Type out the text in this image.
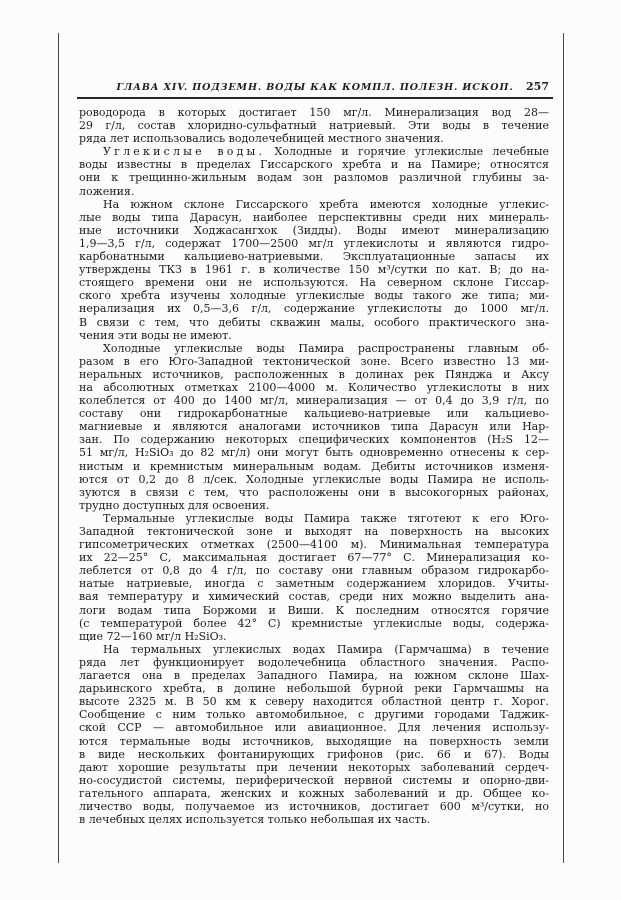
ГЛАВА XIV. ПОДЗЕМН. ВОДЫ КАК КОМПЛ. ПОЛЕЗН. ИСКОП. 257
роводорода в которых достигает 150 мг/л. Минерализация вод 28—
29 г/л, состав хлоридно-сульфатный натриевый. Эти воды в течение
ряда лет использовались водолечебницей местного значения.
Углекислые воды. Холодные и горячие углекислые лечебные
воды известны в пределах Гиссарского хребта и на Памире; относятся
они к трещинно-жильным водам зон разломов различной глубины за-
ложения.
На южном склоне Гиссарского хребта имеются холодные углекис-
лые воды типа Дарасун, наиболее перспективны среди них минераль-
ные источники Ходжасангхок (Зидды). Воды имеют минерализацию
1,9—3,5 г/л, содержат 1700—2500 мг/л углекислоты и являются гидро-
карбонатными кальциево-натриевыми. Эксплуатационные запасы их
утверждены ТКЗ в 1961 г. в количестве 150 м³/сутки по кат. В; до на-
стоящего времени они не используются. На северном склоне Гиссар-
ского хребта изучены холодные углекислые воды такого же типа; ми-
нерализация их 0,5—3,6 г/л, содержание углекислоты до 1000 мг/л.
В связи с тем, что дебиты скважин малы, особого практического зна-
чения эти воды не имеют.
Холодные углекислые воды Памира распространены главным об-
разом в его Юго-Западной тектонической зоне. Всего известно 13 ми-
неральных источников, расположенных в долинах рек Пянджа и Аксу
на абсолютных отметках 2100—4000 м. Количество углекислоты в них
колеблется от 400 до 1400 мг/л, минерализация — от 0,4 до 3,9 г/л, по
составу они гидрокарбонатные кальциево-натриевые или кальциево-
магниевые и являются аналогами источников типа Дарасун или Нар-
зан. По содержанию некоторых специфических компонентов (H₂S 12—
51 мг/л, H₂SiO₃ до 82 мг/л) они могут быть одновременно отнесены к сер-
нистым и кремнистым минеральным водам. Дебиты источников изменя-
ются от 0,2 до 8 л/сек. Холодные углекислые воды Памира не исполь-
зуются в связи с тем, что расположены они в высокогорных районах,
трудно доступных для освоения.
Термальные углекислые воды Памира также тяготеют к его Юго-
Западной тектонической зоне и выходят на поверхность на высоких
гипсометрических отметках (2500—4100 м). Минимальная температура
их 22—25° С, максимальная достигает 67—77° С. Минерализация ко-
леблется от 0,8 до 4 г/л, по составу они главным образом гидрокарбо-
натые натриевые, иногда с заметным содержанием хлоридов. Учиты-
вая температуру и химический состав, среди них можно выделить ана-
логи водам типа Боржоми и Виши. К последним относятся горячие
(с температурой более 42° С) кремнистые углекислые воды, содержа-
щие 72—160 мг/л H₂SiO₃.
На термальных углекислых водах Памира (Гармчашма) в течение
ряда лет функционирует водолечебница областного значения. Распо-
лагается она в пределах Западного Памира, на южном склоне Шах-
дарьинского хребта, в долине небольшой бурной реки Гармчашмы на
высоте 2325 м. В 50 км к северу находится областной центр г. Хорог.
Сообщение с ним только автомобильное, с другими городами Таджик-
ской ССР — автомобильное или авиационное. Для лечения использу-
ются термальные воды источников, выходящие на поверхность земли
в виде нескольких фонтанирующих грифонов (рис. 66 и 67). Воды
дают хорошие результаты при лечении некоторых заболеваний сердеч-
но-сосудистой системы, периферической нервной системы и опорно-дви-
гательного аппарата, женских и кожных заболеваний и др. Общее ко-
личество воды, получаемое из источников, достигает 600 м³/сутки, но
в лечебных целях используется только небольшая их часть.
